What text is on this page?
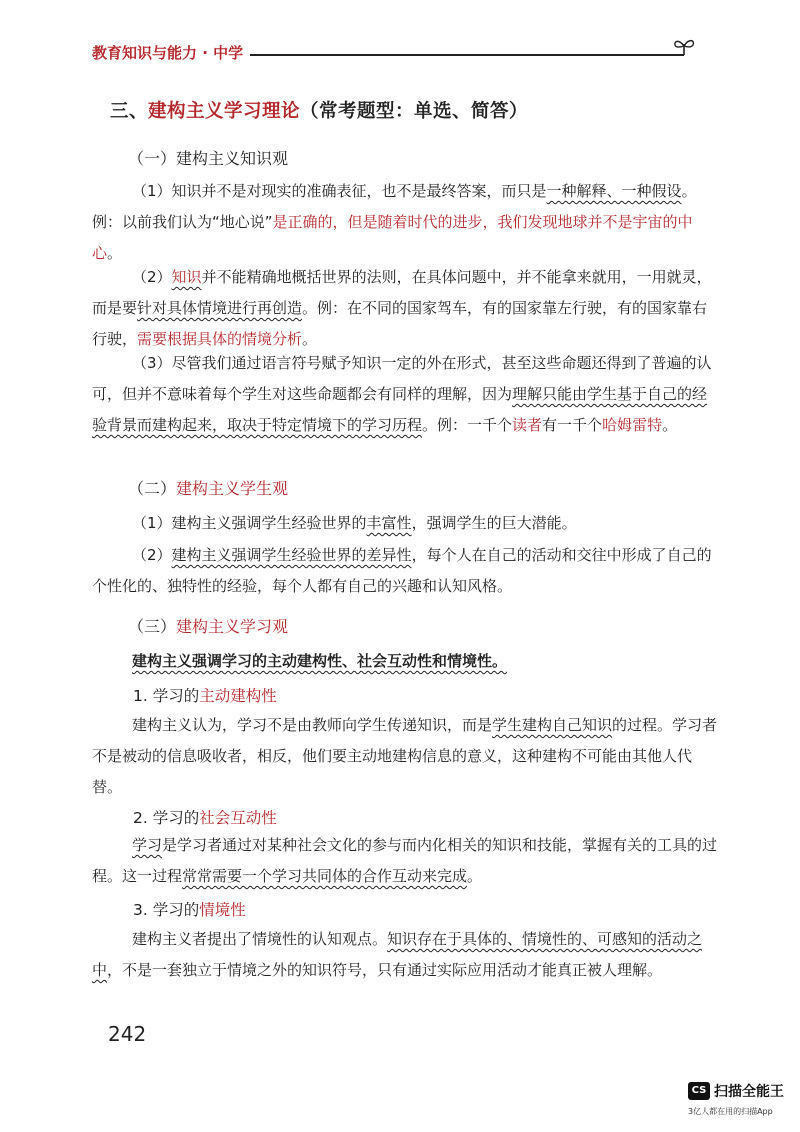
教育知识与能力 · 中学
三、建构主义学习理论（常考题型：单选、简答）
（一）建构主义知识观
（1）知识并不是对现实的准确表征，也不是最终答案，而只是一种解释、一种假设。例：以前我们认为“地心说”是正确的，但是随着时代的进步，我们发现地球并不是宇宙的中心。
（2）知识并不能精确地概括世界的法则，在具体问题中，并不能拿来就用，一用就灵，而是要针对具体情境进行再创造。例：在不同的国家驾车，有的国家靠左行驶，有的国家靠右行驶，需要根据具体的情境分析。
（3）尽管我们通过语言符号赋予知识一定的外在形式，甚至这些命题还得到了普遍的认可，但并不意味着每个学生对这些命题都会有同样的理解，因为理解只能由学生基于自己的经验背景而建构起来，取决于特定情境下的学习历程。例：一千个读者有一千个哈姆雷特。
（二）建构主义学生观
（1）建构主义强调学生经验世界的丰富性，强调学生的巨大潜能。
（2）建构主义强调学生经验世界的差异性，每个人在自己的活动和交往中形成了自己的个性化的、独特性的经验，每个人都有自己的兴趣和认知风格。
（三）建构主义学习观
建构主义强调学习的主动建构性、社会互动性和情境性。
1. 学习的主动建构性
建构主义认为，学习不是由教师向学生传递知识，而是学生建构自己知识的过程。学习者不是被动的信息吸收者，相反，他们要主动地建构信息的意义，这种建构不可能由其他人代替。
2. 学习的社会互动性
学习是学习者通过对某种社会文化的参与而内化相关的知识和技能，掌握有关的工具的过程。这一过程常常需要一个学习共同体的合作互动来完成。
3. 学习的情境性
建构主义者提出了情境性的认知观点。知识存在于具体的、情境性的、可感知的活动之中，不是一套独立于情境之外的知识符号，只有通过实际应用活动才能真正被人理解。
242
CS 扫描全能王
3亿人都在用的扫描App
